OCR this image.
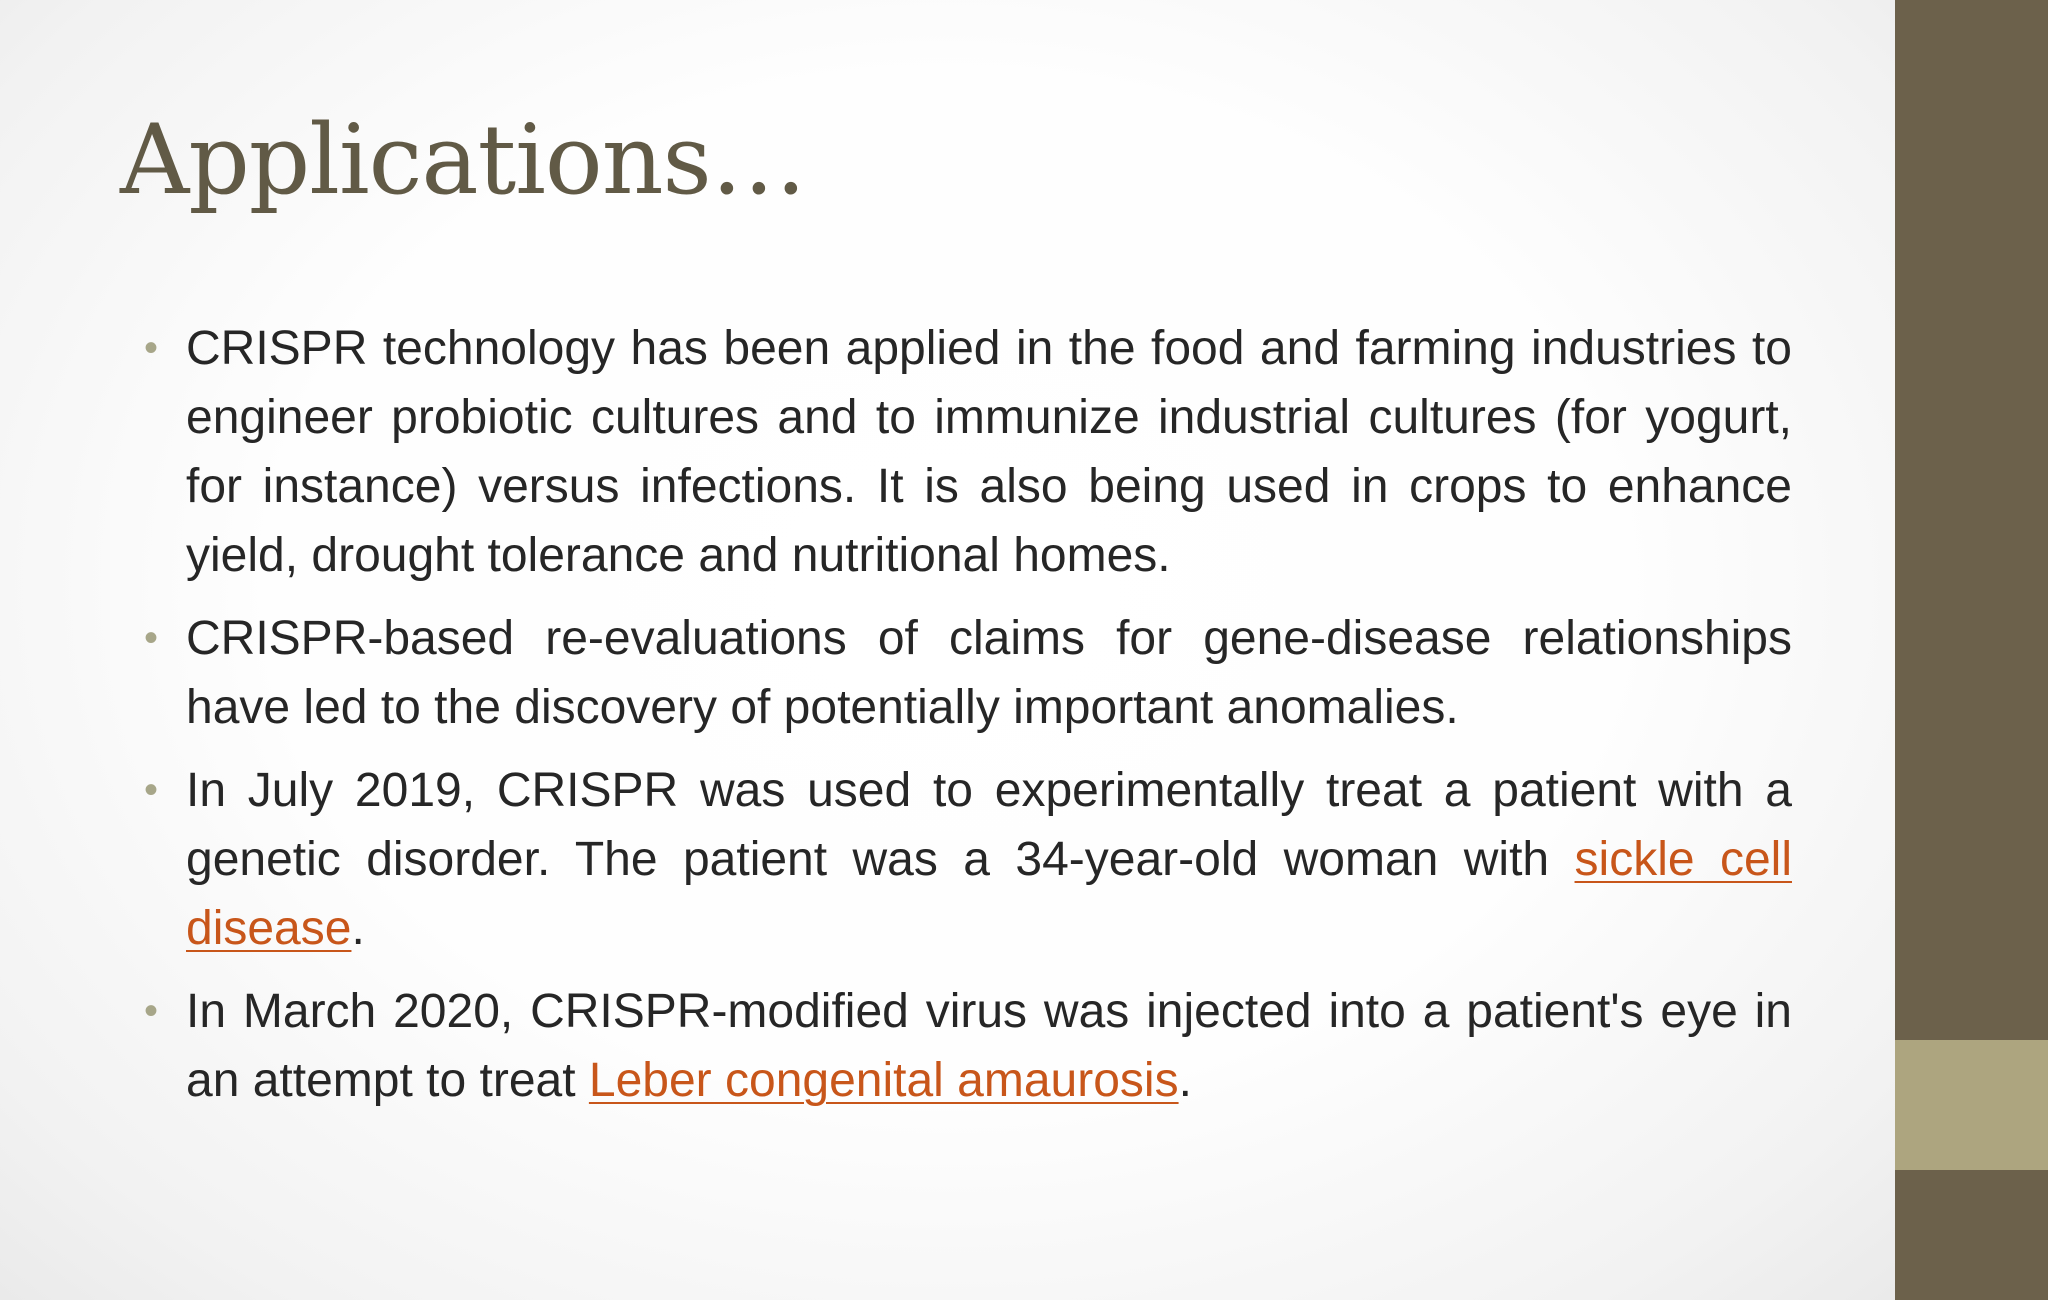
Applications…
• CRISPR technology has been applied in the food and farming industries to engineer probiotic cultures and to immunize industrial cultures (for yogurt, for instance) versus infections. It is also being used in crops to enhance yield, drought tolerance and nutritional homes.
• CRISPR-based re-evaluations of claims for gene-disease relationships have led to the discovery of potentially important anomalies.
• In July 2019, CRISPR was used to experimentally treat a patient with a genetic disorder. The patient was a 34-year-old woman with sickle cell disease.
• In March 2020, CRISPR-modified virus was injected into a patient's eye in an attempt to treat Leber congenital amaurosis.
